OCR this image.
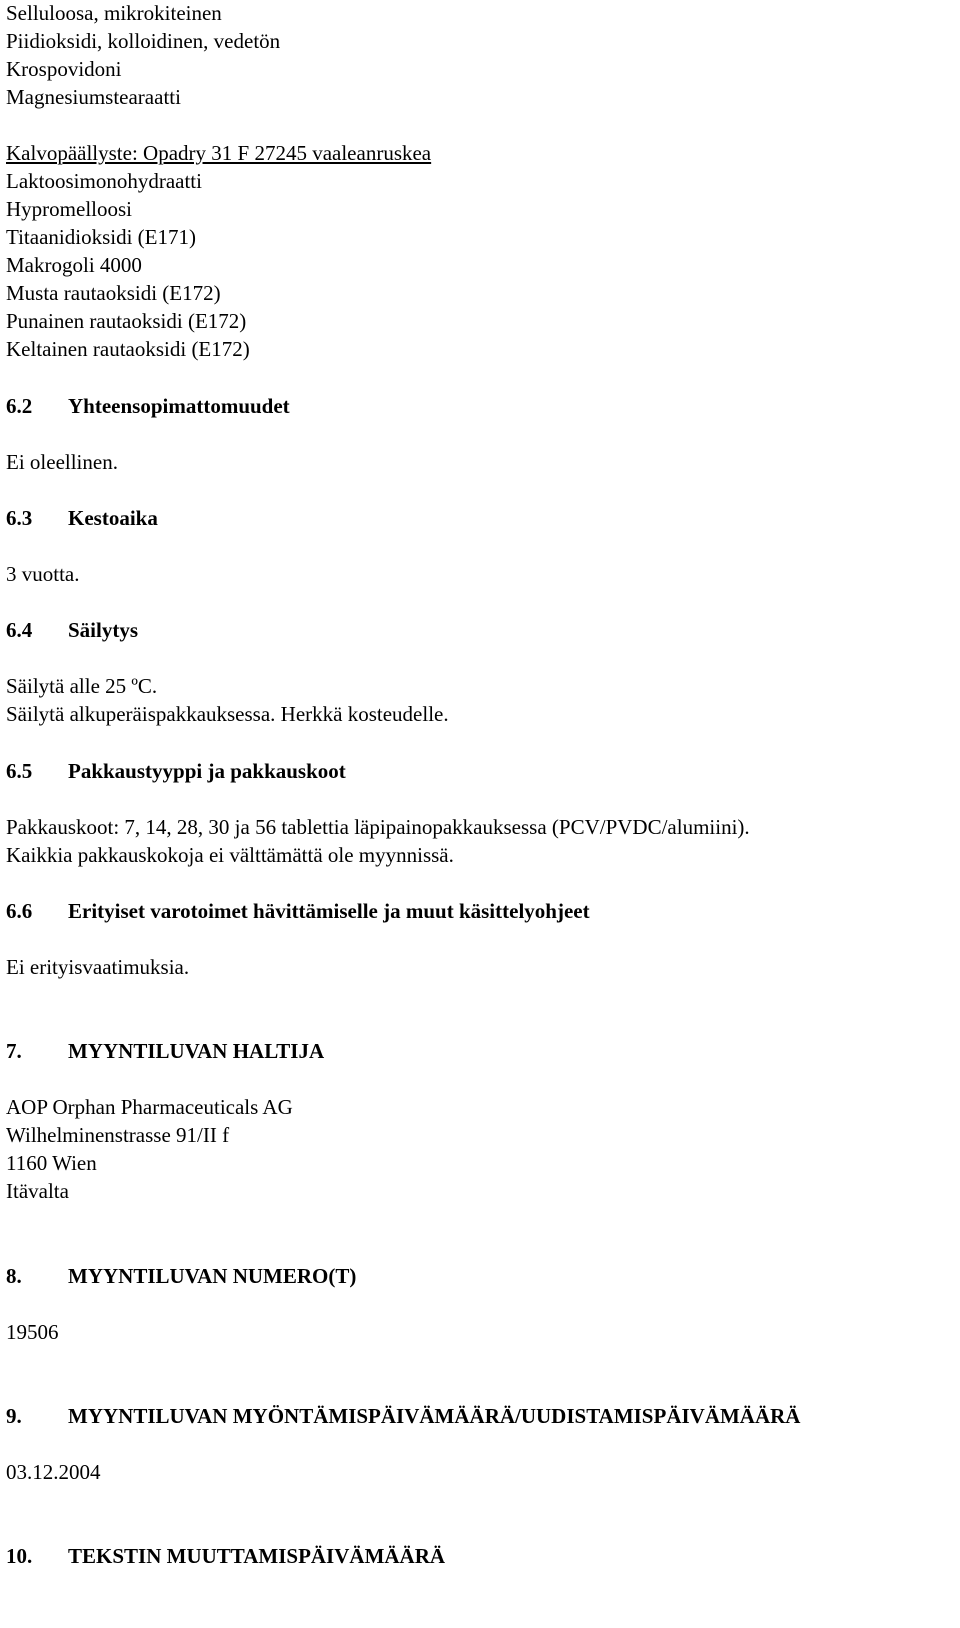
Selluloosa, mikrokiteinen
Piidioksidi, kolloidinen, vedetön
Krospovidoni
Magnesiumstearaatti
Kalvopäällyste: Opadry 31 F 27245 vaaleanruskea
Laktoosimonohydraatti
Hypromelloosi
Titaanidioksidi (E171)
Makrogoli 4000
Musta rautaoksidi (E172)
Punainen rautaoksidi (E172)
Keltainen rautaoksidi (E172)
6.2 Yhteensopimattomuudet
Ei oleellinen.
6.3 Kestoaika
3 vuotta.
6.4 Säilytys
Säilytä alle 25 ºC.
Säilytä alkuperäispakkauksessa. Herkkä kosteudelle.
6.5 Pakkaustyyppi ja pakkauskoot
Pakkauskoot: 7, 14, 28, 30 ja 56 tablettia läpipainopakkauksessa (PCV/PVDC/alumiini).
Kaikkia pakkauskokoja ei välttämättä ole myynnissä.
6.6 Erityiset varotoimet hävittämiselle ja muut käsittelyohjeet
Ei erityisvaatimuksia.
7. MYYNTILUVAN HALTIJA
AOP Orphan Pharmaceuticals AG
Wilhelminenstrasse 91/II f
1160 Wien
Itävalta
8. MYYNTILUVAN NUMERO(T)
19506
9. MYYNTILUVAN MYÖNTÄMISPÄIVÄMÄÄRÄ/UUDISTAMISPÄIVÄMÄÄRÄ
03.12.2004
10. TEKSTIN MUUTTAMISPÄIVÄMÄÄRÄ
